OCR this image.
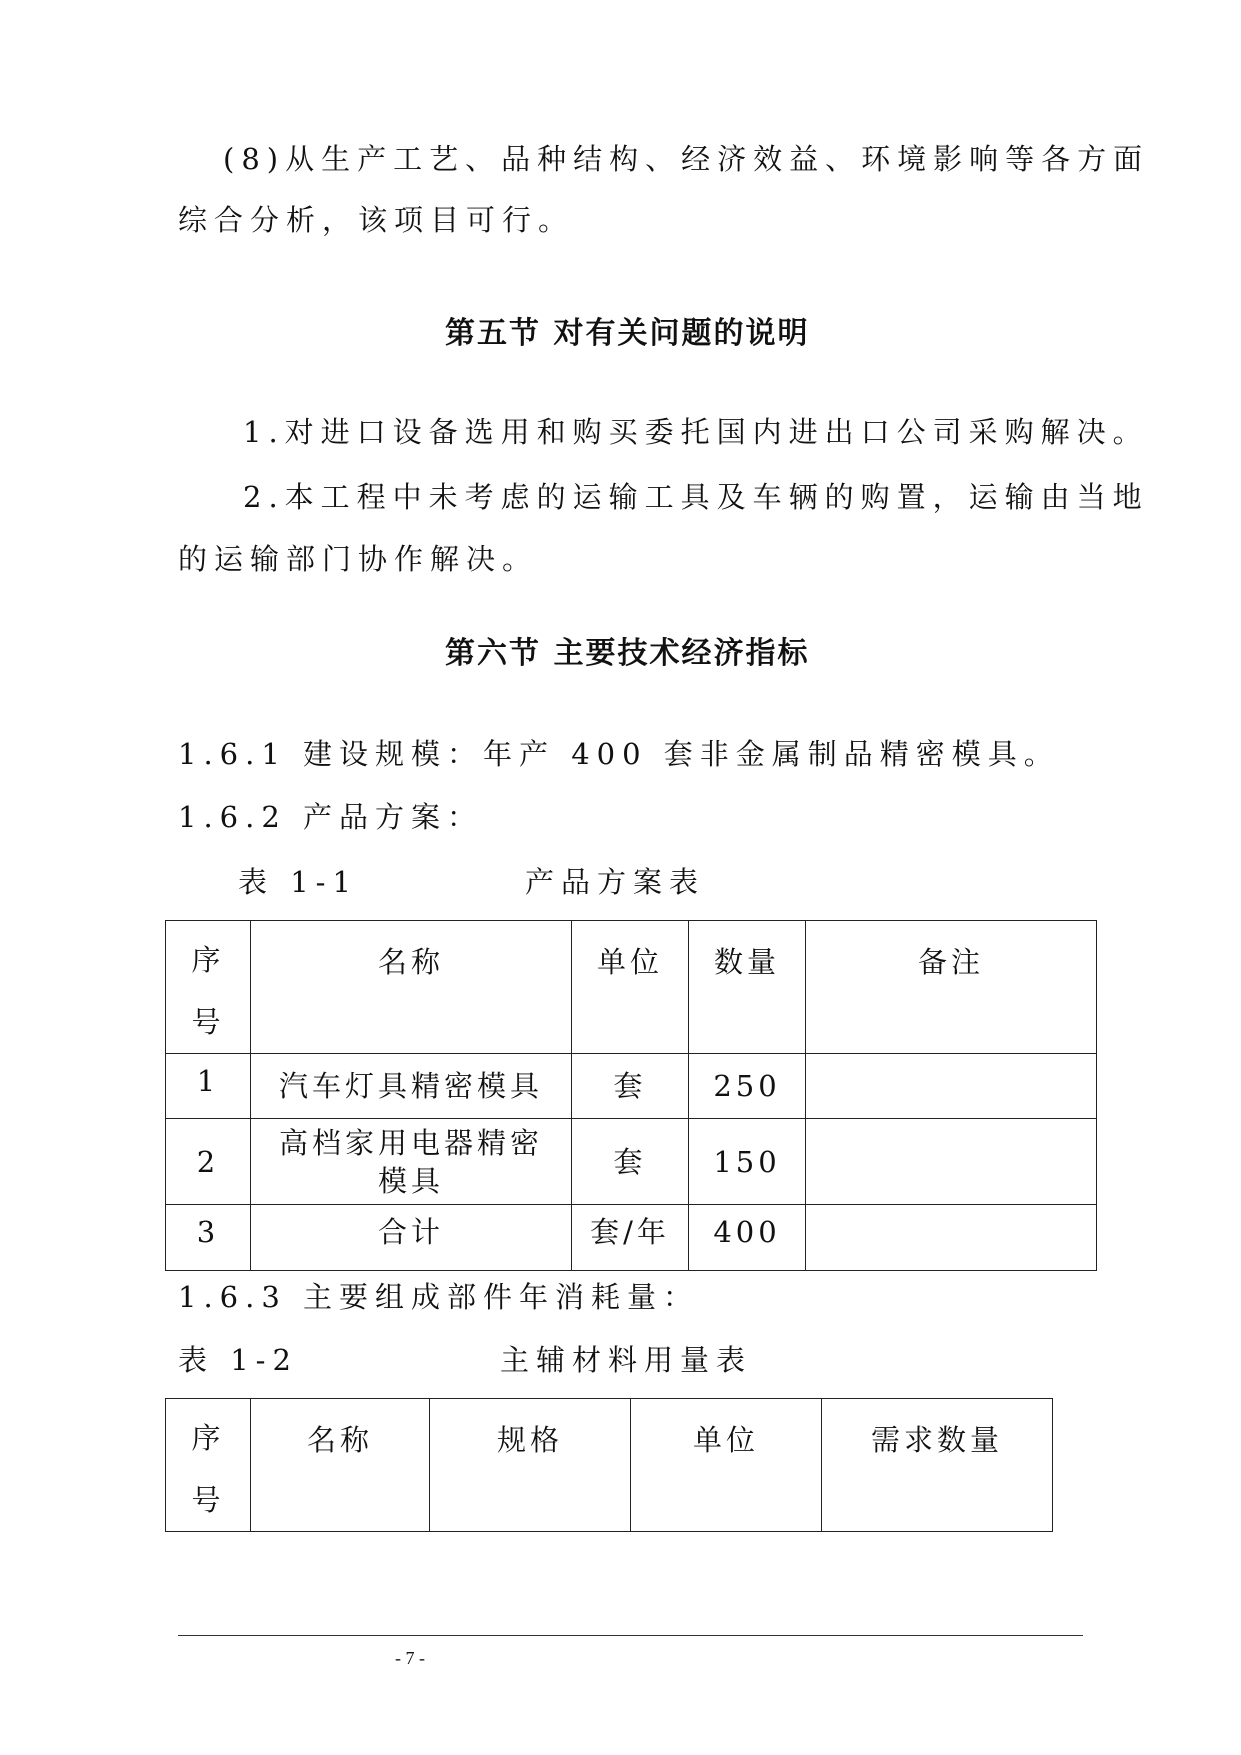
(8)从生产工艺、品种结构、经济效益、环境影响等各方面
综合分析，该项目可行。
第五节 对有关问题的说明
1.对进口设备选用和购买委托国内进出口公司采购解决。
2.本工程中未考虑的运输工具及车辆的购置，运输由当地
的运输部门协作解决。
第六节 主要技术经济指标
1.6.1 建设规模：年产 400 套非金属制品精密模具。
1.6.2 产品方案：
表 1-1	产品方案表
序
号	名称	单位	数量	备注
1	汽车灯具精密模具	套	250	
2	高档家用电器精密
模具	套	150	
3	合计	套/年	400	
1.6.3 主要组成部件年消耗量：
表 1-2	主辅材料用量表
序
号
	名称	规格	单位	需求数量
- 7 -
